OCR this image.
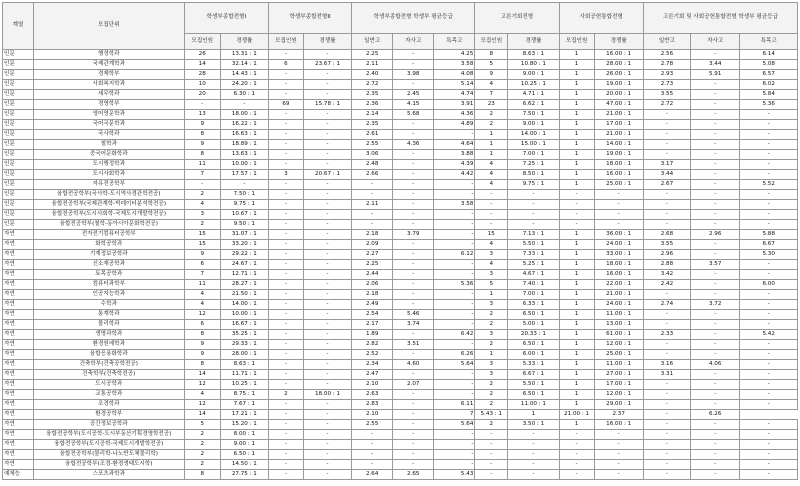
계열	모집단위	학생부종합전형I		학생부종합전형II		학생부종합전형 학생부 평균등급			고른기회전형		사회공헌통합전형		고른기회 및 사회공헌통합전형 학생부 평균등급		
		모집인원	경쟁률	모집인원	경쟁률	일반고	자사고	특목고	모집인원	경쟁률	모집인원	경쟁률	일반고	자사고	특목고
인문	행정학과	26	13.31 : 1	-	-	2.25	-	4.25	8	8.63 : 1	1	16.00 : 1	2.56	-	6.14
인문	국제관계학과	14	32.14 : 1	6	23.67 : 1	2.11	-	3.58	5	10.80 : 1	1	28.00 : 1	2.78	3.44	5.08
인문	경제학부	28	14.43 : 1	-	-	2.40	3.98	4.08	9	9.00 : 1	1	26.00 : 1	2.93	5.91	6.57
인문	사회복지학과	10	24.20 : 1	-	-	2.72	-	5.14	4	10.25 : 1	1	19.00 : 1	2.73	-	6.02
인문	세무학과	20	6.30 : 1	-	-	2.35	2.45	4.74	7	4.71 : 1	1	20.00 : 1	3.55	-	5.84
인문	경영학부	-	-	69	15.78 : 1	2.36	4.15	3.91	23	6.62 : 1	1	47.00 : 1	2.72	-	5.36
인문	영어영문학과	13	18.00 : 1	-	-	2.14	5.68	4.36	2	7.50 : 1	1	21.00 : 1	-	-	-
인문	국어국문학과	9	16.22 : 1	-	-	2.35	-	4.89	2	9.00 : 1	1	17.00 : 1	-	-	-
인문	국사학과	8	16.63 : 1	-	-	2.61	-	-	1	14.00 : 1	1	21.00 : 1	-	-	-
인문	철학과	9	18.89 : 1	-	-	2.55	4.36	4.64	1	15.00 : 1	1	14.00 : 1	-	-	-
인문	중국어문화학과	8	13.63 : 1	-	-	3.06	-	3.88	1	7.00 : 1	1	19.00 : 1	-	-	-
인문	도시행정학과	11	10.00 : 1	-	-	2.48	-	4.39	4	7.25 : 1	1	18.00 : 1	3.17	-	-
인문	도시사회학과	7	17.57 : 1	3	20.67 : 1	2.66	-	4.42	4	8.50 : 1	1	16.00 : 1	3.44	-	-
인문	자유전공학부	-	-	-	-	-	-	-	4	9.75 : 1	1	25.00 : 1	2.67	-	5.52
인문	융합전공학부(국사학-도시역사경관학전공)	2	7.50 : 1	-	-	-	-	-	-	-	-	-	-	-	-
인문	융합전공학부(국제관계학-빅데이터분석학전공)	4	9.75 : 1	-	-	2.11	-	3.58	-	-	-	-	-	-	-
인문	융합전공학부(도시사회학-국제도시개발학전공)	3	10.67 : 1	-	-	-	-	-	-	-	-	-	-	-	-
인문	융합전공학부(철학-동아시아문화학전공)	2	9.50 : 1	-	-	-	-	-	-	-	-	-	-	-	-
자연	전자전기컴퓨터공학부	15	31.07 : 1	-	-	2.18	3.79	-	15	7.13 : 1	1	36.00 : 1	2.68	2.96	5.88
자연	화학공학과	15	33.20 : 1	-	-	2.09	-	-	4	5.50 : 1	1	24.00 : 1	3.55	-	6.67
자연	기계정보공학과	9	29.22 : 1	-	-	2.27	-	6.12	3	7.33 : 1	1	33.00 : 1	2.96	-	5.30
자연	신소재공학과	6	24.67 : 1	-	-	2.25	-	-	4	5.25 : 1	1	18.00 : 1	2.88	3.57	-
자연	토목공학과	7	12.71 : 1	-	-	2.44	-	-	3	4.67 : 1	1	16.00 : 1	3.42	-	-
자연	컴퓨터과학부	11	28.27 : 1	-	-	2.06	-	5.36	5	7.40 : 1	1	22.00 : 1	2.42	-	6.00
자연	인공지능학과	4	21.50 : 1	-	-	2.18	-	-	1	7.00 : 1	1	21.00 : 1	-	-	-
자연	수학과	4	14.00 : 1	-	-	2.49	-	-	3	6.33 : 1	1	24.00 : 1	2.74	3.72	-
자연	통계학과	12	10.00 : 1	-	-	2.54	5.46	-	2	6.50 : 1	1	11.00 : 1	-	-	-
자연	물리학과	6	16.67 : 1	-	-	2.17	3.74	-	2	5.00 : 1	1	13.00 : 1	-	-	-
자연	생명과학과	8	35.25 : 1	-	-	1.89	-	6.42	3	20.33 : 1	1	61.00 : 1	2.33	-	5.42
자연	환경원예학과	9	29.33 : 1	-	-	2.82	3.51	-	2	6.50 : 1	1	12.00 : 1	-	-	-
자연	융합응용화학과	9	28.00 : 1	-	-	2.52	-	6.26	1	6.00 : 1	1	25.00 : 1	-	-	-
자연	건축학부(건축공학전공)	8	8.63 : 1	-	-	2.34	4.60	5.64	3	5.33 : 1	1	11.00 : 1	3.16	4.06	-
자연	건축학부(건축학전공)	14	11.71 : 1	-	-	2.47	-	-	3	6.67 : 1	1	27.00 : 1	3.31	-	-
자연	도시공학과	12	10.25 : 1	-	-	2.10	2.07	-	2	5.50 : 1	1	17.00 : 1	-	-	-
자연	교통공학과	4	8.75 : 1	2	18.00 : 1	2.63	-	-	2	6.50 : 1	1	12.00 : 1	-	-	-
자연	조경학과	12	7.67 : 1	-	-	2.83	-	6.11	2	11.00 : 1	1	29.00 : 1	-	-	-
자연	환경공학부	14	17.21 : 1	-	-	2.10	-	7	5.43 : 1	1	21.00 : 1	2.37	-	6.26	
자연	공간정보공학과	5	15.20 : 1	-	-	2.55	-	5.64	2	3.50 : 1	1	16.00 : 1	-	-	-
자연	융합전공학부(도시공학-도시부동산기획경영학전공)	2	8.00 : 1	-	-	-	-	-	-	-	-	-	-	-	-
자연	융합전공학부(도시공학-국제도시개발학전공)	2	9.00 : 1	-	-	-	-	-	-	-	-	-	-	-	-
자연	융합전공학부(물리학-나노반도체물리학)	2	6.50 : 1	-	-	-	-	-	-	-	-	-	-	-	-
자연	융합전공학부(조경-환경생태도시학)	2	14.50 : 1	-	-	-	-	-	-	-	-	-	-	-	-
예체능	스포츠과학과	8	27.75 : 1	-	-	2.64	2.65	5.43	-	-	-	-	-	-	-
